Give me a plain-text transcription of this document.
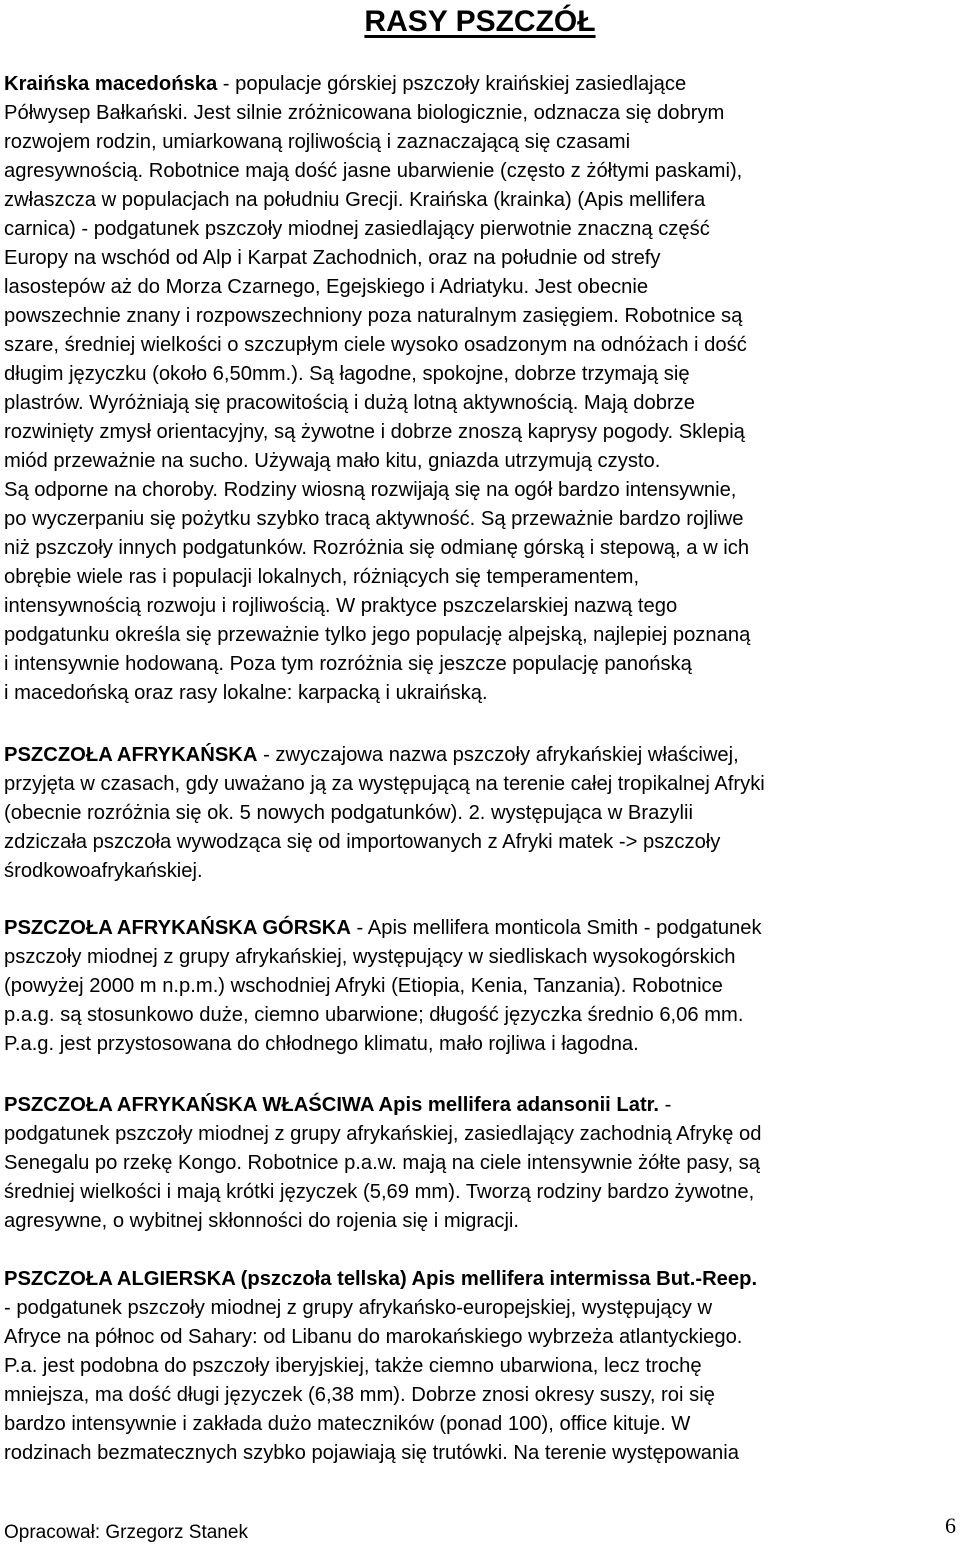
RASY PSZCZÓŁ
Kraińska macedońska - populacje górskiej pszczoły kraińskiej zasiedlające
Półwysep Bałkański. Jest silnie zróżnicowana biologicznie, odznacza się dobrym
rozwojem rodzin, umiarkowaną rojliwością i zaznaczającą się czasami
agresywnością. Robotnice mają dość jasne ubarwienie (często z żółtymi paskami),
zwłaszcza w populacjach na południu Grecji. Kraińska (krainka) (Apis mellifera
carnica) - podgatunek pszczoły miodnej zasiedlający pierwotnie znaczną część
Europy na wschód od Alp i Karpat Zachodnich, oraz na południe od strefy
lasostepów aż do Morza Czarnego, Egejskiego i Adriatyku. Jest obecnie
powszechnie znany i rozpowszechniony poza naturalnym zasięgiem. Robotnice są
szare, średniej wielkości o szczupłym ciele wysoko osadzonym na odnóżach i dość
długim języczku (około 6,50mm.). Są łagodne, spokojne, dobrze trzymają się
plastrów. Wyróżniają się pracowitością i dużą lotną aktywnością. Mają dobrze
rozwinięty zmysł orientacyjny, są żywotne i dobrze znoszą kaprysy pogody. Sklepią
miód przeważnie na sucho. Używają mało kitu, gniazda utrzymują czysto.
Są odporne na choroby. Rodziny wiosną rozwijają się na ogół bardzo intensywnie,
po wyczerpaniu się pożytku szybko tracą aktywność. Są przeważnie bardzo rojliwe
niż pszczoły innych podgatunków. Rozróżnia się odmianę górską i stepową, a w ich
obrębie wiele ras i populacji lokalnych, różniących się temperamentem,
intensywnością rozwoju i rojliwością. W praktyce pszczelarskiej nazwą tego
podgatunku określa się przeważnie tylko jego populację alpejską, najlepiej poznaną
i intensywnie hodowaną. Poza tym rozróżnia się jeszcze populację panońską
i macedońską oraz rasy lokalne: karpacką i ukraińską.
PSZCZOŁA AFRYKAŃSKA - zwyczajowa nazwa pszczoły afrykańskiej właściwej,
przyjęta w czasach, gdy uważano ją za występującą na terenie całej tropikalnej Afryki
(obecnie rozróżnia się ok. 5 nowych podgatunków). 2. występująca w Brazylii
zdziczała pszczoła wywodząca się od importowanych z Afryki matek -> pszczoły
środkowoafrykańskiej.
PSZCZOŁA AFRYKAŃSKA GÓRSKA - Apis mellifera monticola Smith - podgatunek
pszczoły miodnej z grupy afrykańskiej, występujący w siedliskach wysokogórskich
(powyżej 2000 m n.p.m.) wschodniej Afryki (Etiopia, Kenia, Tanzania). Robotnice
p.a.g. są stosunkowo duże, ciemno ubarwione; długość języczka średnio 6,06 mm.
P.a.g. jest przystosowana do chłodnego klimatu, mało rojliwa i łagodna.
PSZCZOŁA AFRYKAŃSKA WŁAŚCIWA Apis mellifera adansonii Latr. -
podgatunek pszczoły miodnej z grupy afrykańskiej, zasiedlający zachodnią Afrykę od
Senegalu po rzekę Kongo. Robotnice p.a.w. mają na ciele intensywnie żółte pasy, są
średniej wielkości i mają krótki języczek (5,69 mm). Tworzą rodziny bardzo żywotne,
agresywne, o wybitnej skłonności do rojenia się i migracji.
PSZCZOŁA ALGIERSKA (pszczoła tellska) Apis mellifera intermissa But.-Reep.
- podgatunek pszczoły miodnej z grupy afrykańsko-europejskiej, występujący w
Afryce na północ od Sahary: od Libanu do marokańskiego wybrzeża atlantyckiego.
P.a. jest podobna do pszczoły iberyjskiej, także ciemno ubarwiona, lecz trochę
mniejsza, ma dość długi języczek (6,38 mm). Dobrze znosi okresy suszy, roi się
bardzo intensywnie i zakłada dużo mateczników (ponad 100), office kituje. W
rodzinach bezmatecznych szybko pojawiają się trutówki. Na terenie występowania

Opracował: Grzegorz Stanek	6
